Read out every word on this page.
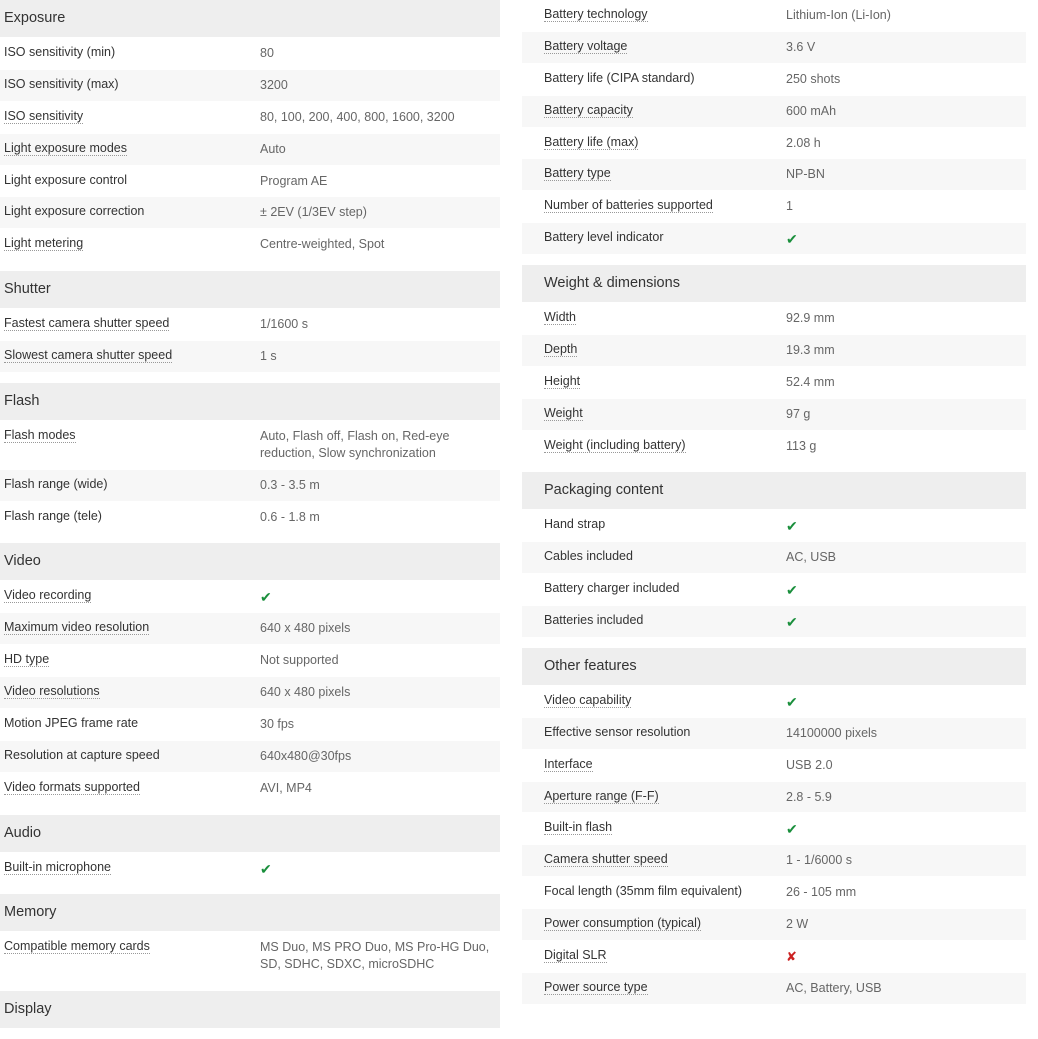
Exposure
ISO sensitivity (min)	80
ISO sensitivity (max)	3200
ISO sensitivity	80, 100, 200, 400, 800, 1600, 3200
Light exposure modes	Auto
Light exposure control	Program AE
Light exposure correction	± 2EV (1/3EV step)
Light metering	Centre-weighted, Spot
Shutter
Fastest camera shutter speed	1/1600 s
Slowest camera shutter speed	1 s
Flash
Flash modes	Auto, Flash off, Flash on, Red-eye reduction, Slow synchronization
Flash range (wide)	0.3 - 3.5 m
Flash range (tele)	0.6 - 1.8 m
Video
Video recording	✔
Maximum video resolution	640 x 480 pixels
HD type	Not supported
Video resolutions	640 x 480 pixels
Motion JPEG frame rate	30 fps
Resolution at capture speed	640x480@30fps
Video formats supported	AVI, MP4
Audio
Built-in microphone	✔
Memory
Compatible memory cards	MS Duo, MS PRO Duo, MS Pro-HG Duo, SD, SDHC, SDXC, microSDHC
Display
Battery technology	Lithium-Ion (Li-Ion)
Battery voltage	3.6 V
Battery life (CIPA standard)	250 shots
Battery capacity	600 mAh
Battery life (max)	2.08 h
Battery type	NP-BN
Number of batteries supported	1
Battery level indicator	✔
Weight & dimensions
Width	92.9 mm
Depth	19.3 mm
Height	52.4 mm
Weight	97 g
Weight (including battery)	113 g
Packaging content
Hand strap	✔
Cables included	AC, USB
Battery charger included	✔
Batteries included	✔
Other features
Video capability	✔
Effective sensor resolution	14100000 pixels
Interface	USB 2.0
Aperture range (F-F)	2.8 - 5.9
Built-in flash	✔
Camera shutter speed	1 - 1/6000 s
Focal length (35mm film equivalent)	26 - 105 mm
Power consumption (typical)	2 W
Digital SLR	✘
Power source type	AC, Battery, USB
